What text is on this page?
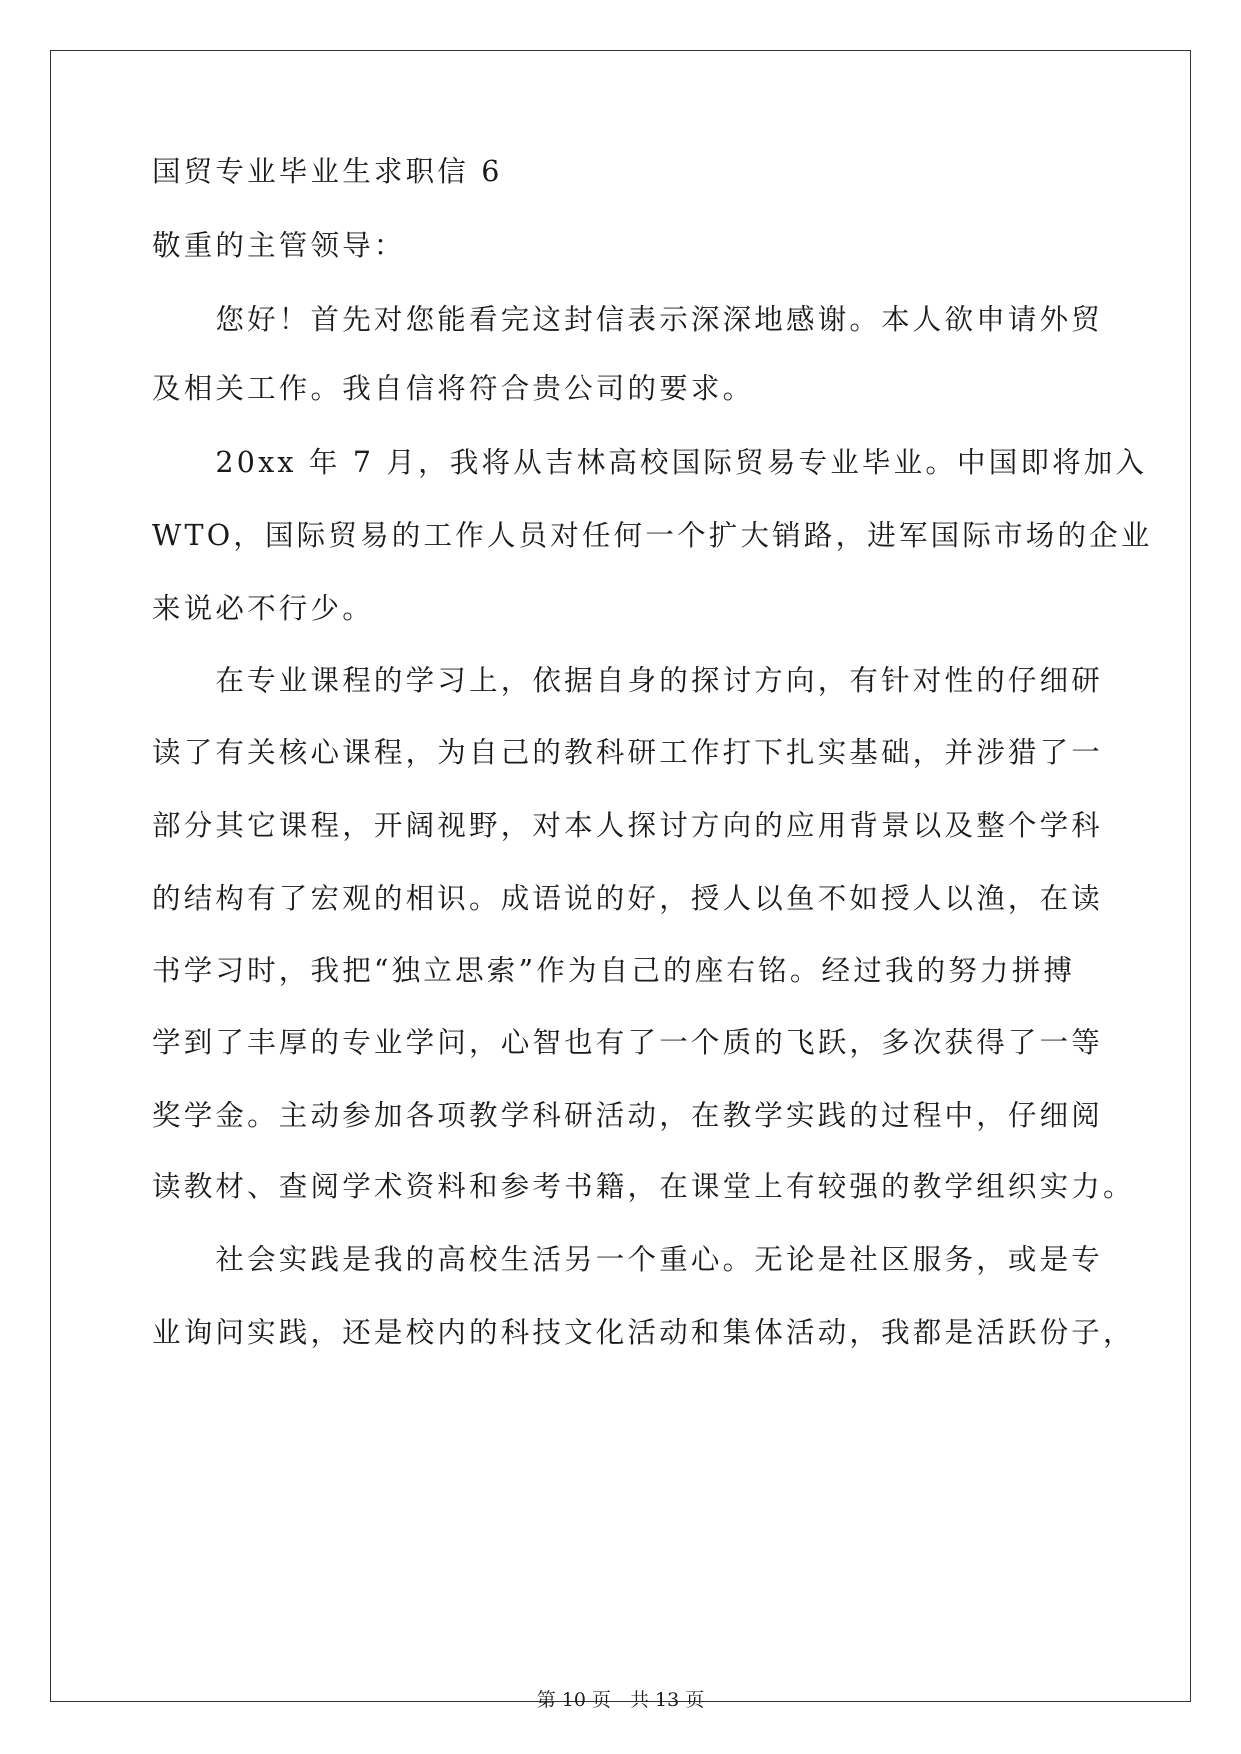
国贸专业毕业生求职信 6
敬重的主管领导：
　　您好！首先对您能看完这封信表示深深地感谢。本人欲申请外贸
及相关工作。我自信将符合贵公司的要求。
　　20xx 年 7 月，我将从吉林高校国际贸易专业毕业。中国即将加入
WTO，国际贸易的工作人员对任何一个扩大销路，进军国际市场的企业
来说必不行少。
　　在专业课程的学习上，依据自身的探讨方向，有针对性的仔细研
读了有关核心课程，为自己的教科研工作打下扎实基础，并涉猎了一
部分其它课程，开阔视野，对本人探讨方向的应用背景以及整个学科
的结构有了宏观的相识。成语说的好，授人以鱼不如授人以渔，在读
书学习时，我把“独立思索”作为自己的座右铭。经过我的努力拼搏
学到了丰厚的专业学问，心智也有了一个质的飞跃，多次获得了一等
奖学金。主动参加各项教学科研活动，在教学实践的过程中，仔细阅
读教材、查阅学术资料和参考书籍，在课堂上有较强的教学组织实力。
　　社会实践是我的高校生活另一个重心。无论是社区服务，或是专
业询问实践，还是校内的科技文化活动和集体活动，我都是活跃份子，
第 10 页　共 13 页
